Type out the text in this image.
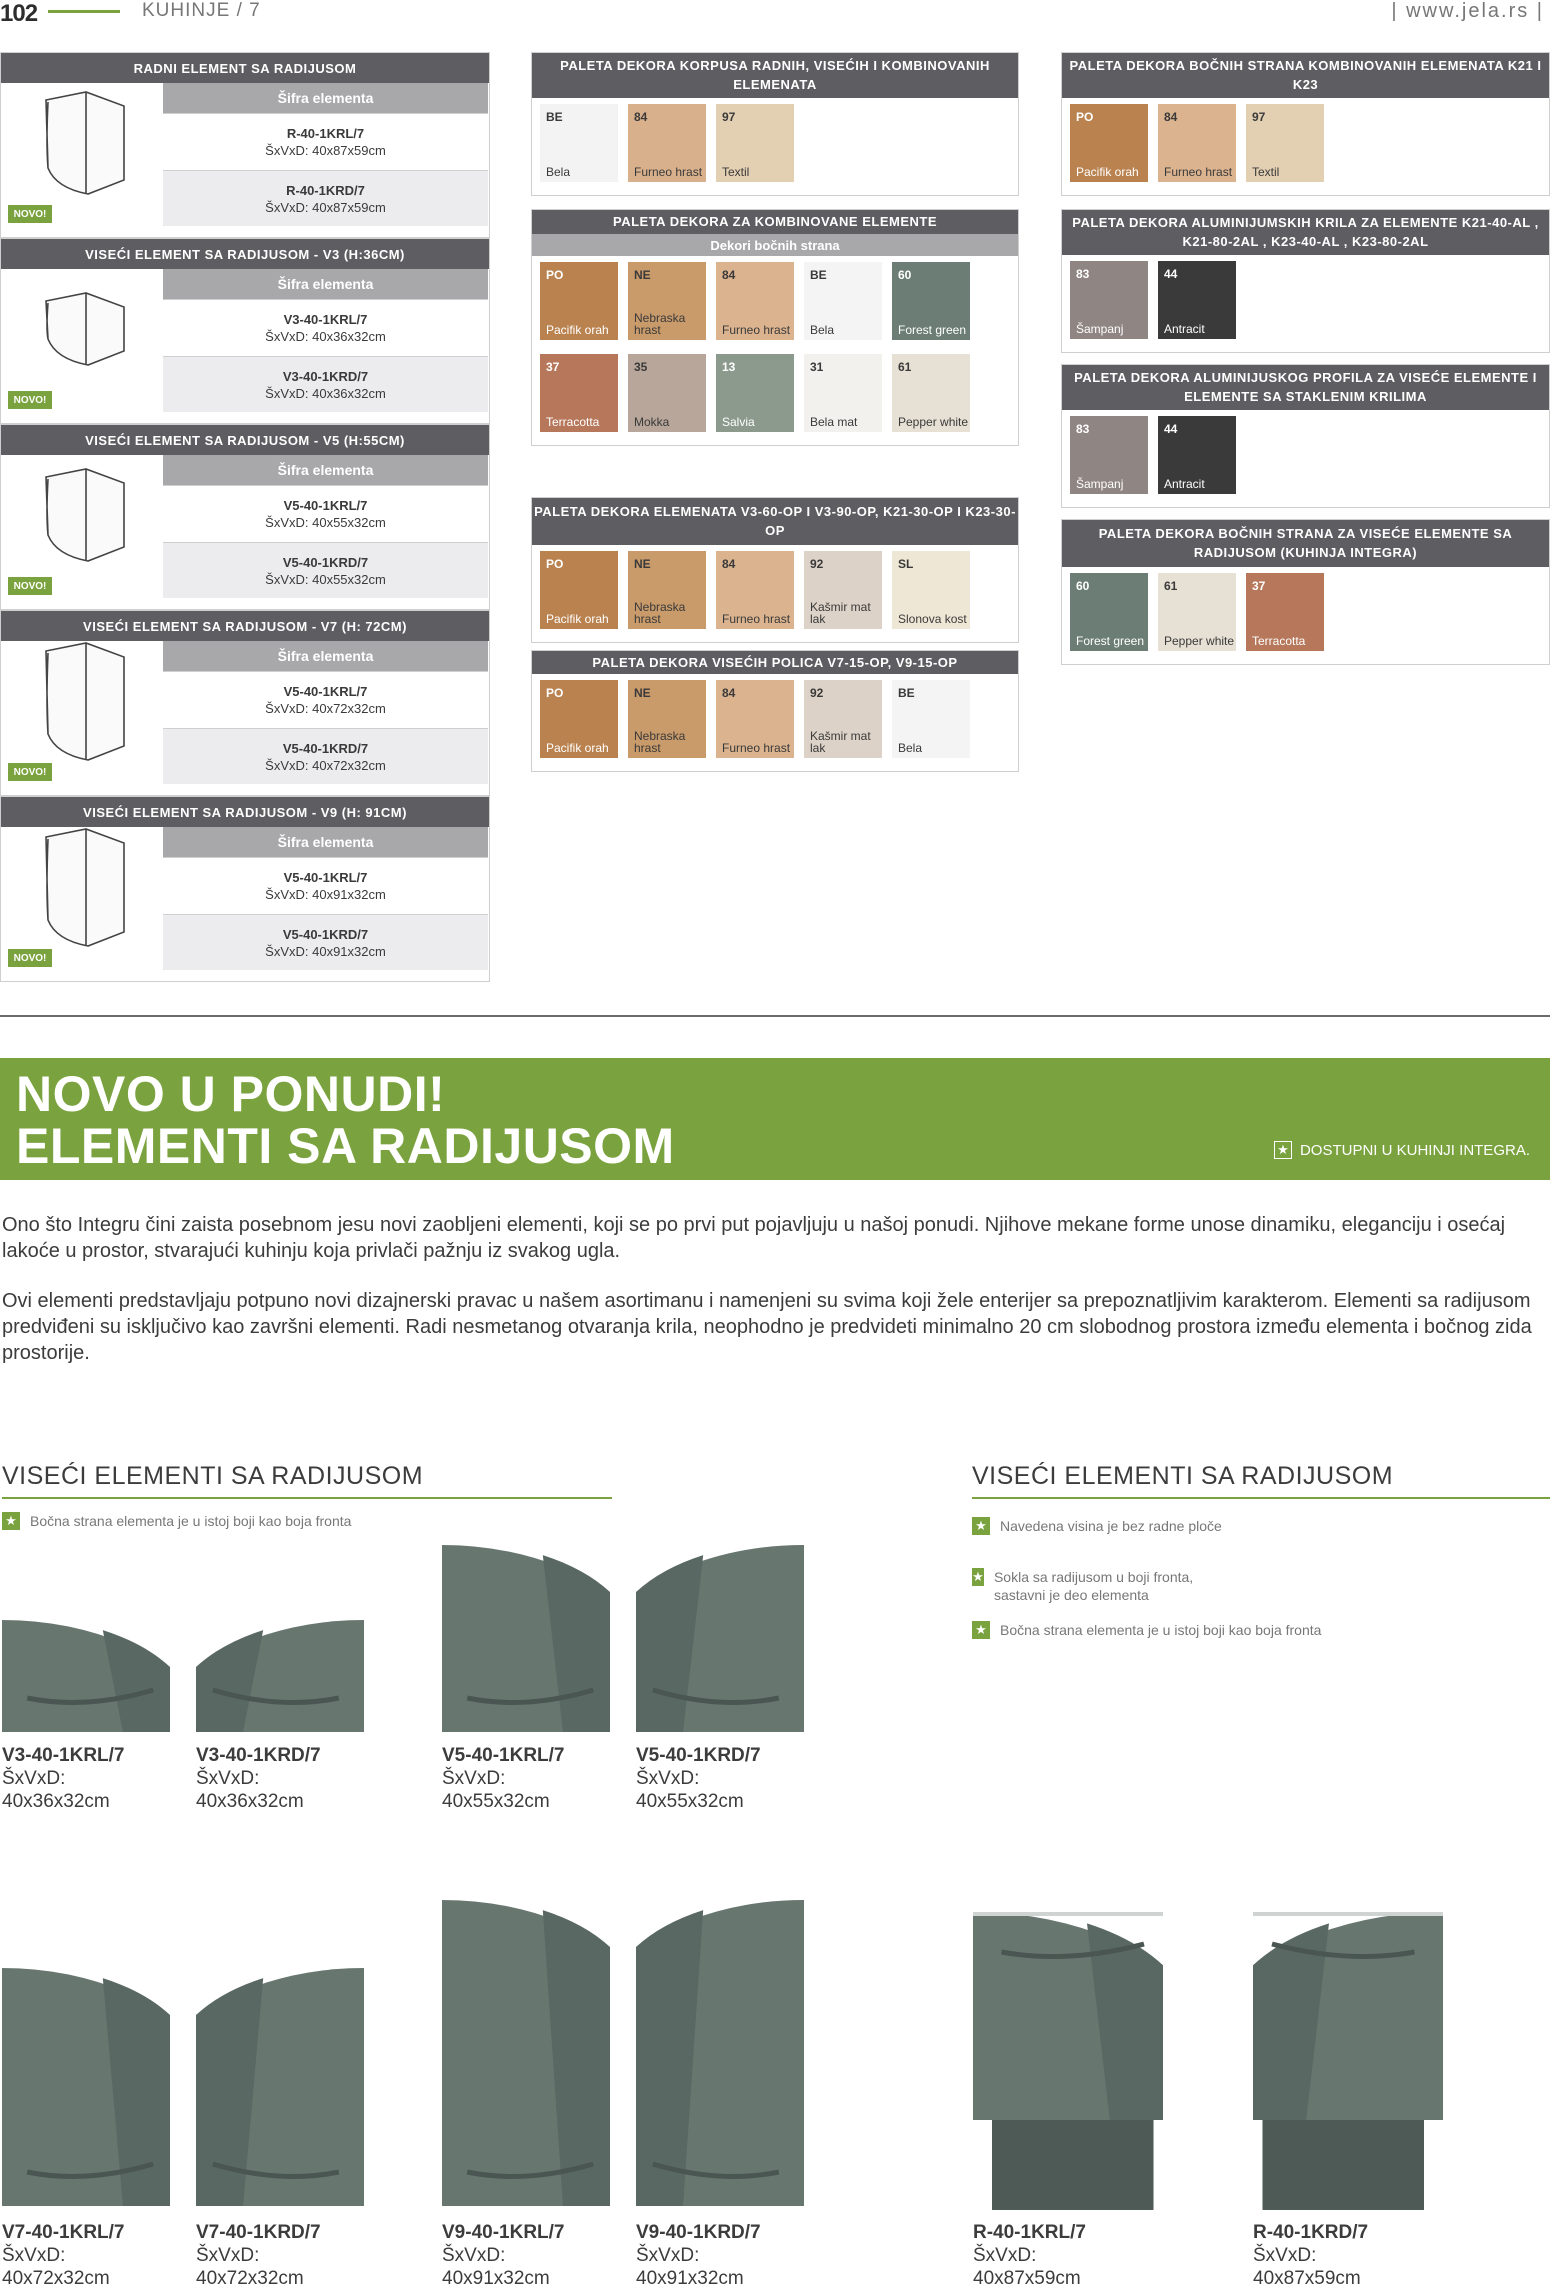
102	KUHINJE / 7	| www.jela.rs |
RADNI ELEMENT SA RADIJUSOM
Šifra elementa
R-40-1KRL/7
ŠxVxD: 40x87x59cm
R-40-1KRD/7
ŠxVxD: 40x87x59cm
NOVO!
VISEĆI ELEMENT SA RADIJUSOM - V3 (H:36CM)
Šifra elementa
V3-40-1KRL/7
ŠxVxD: 40x36x32cm
V3-40-1KRD/7
ŠxVxD: 40x36x32cm
NOVO!
VISEĆI ELEMENT SA RADIJUSOM - V5 (H:55CM)
Šifra elementa
V5-40-1KRL/7
ŠxVxD: 40x55x32cm
V5-40-1KRD/7
ŠxVxD: 40x55x32cm
NOVO!
VISEĆI ELEMENT SA RADIJUSOM - V7 (H: 72CM)
Šifra elementa
V5-40-1KRL/7
ŠxVxD: 40x72x32cm
V5-40-1KRD/7
ŠxVxD: 40x72x32cm
NOVO!
VISEĆI ELEMENT SA RADIJUSOM - V9 (H: 91CM)
Šifra elementa
V5-40-1KRL/7
ŠxVxD: 40x91x32cm
V5-40-1KRD/7
ŠxVxD: 40x91x32cm
NOVO!
PALETA DEKORA KORPUSA RADNIH, VISEĆIH I KOMBINOVANIH ELEMENATA
BE
Bela
84
Furneo hrast
97
Textil
PALETA DEKORA ZA KOMBINOVANE ELEMENTE
Dekori bočnih strana
PO
Pacifik orah
NE
Nebraska hrast
84
Furneo hrast
BE
Bela
60
Forest green
37
Terracotta
35
Mokka
13
Salvia
31
Bela mat
61
Pepper white
PALETA DEKORA ELEMENATA V3-60-OP I V3-90-OP, K21-30-OP I K23-30-OP
PO
Pacifik orah
NE
Nebraska hrast
84
Furneo hrast
92
Kašmir mat lak
SL
Slonova kost
PALETA DEKORA VISEĆIH POLICA V7-15-OP, V9-15-OP
PO
Pacifik orah
NE
Nebraska hrast
84
Furneo hrast
92
Kašmir mat lak
BE
Bela
PALETA DEKORA BOČNIH STRANA KOMBINOVANIH ELEMENATA K21 I K23
PO
Pacifik orah
84
Furneo hrast
97
Textil
PALETA DEKORA ALUMINIJUMSKIH KRILA ZA ELEMENTE K21-40-AL , K21-80-2AL , K23-40-AL , K23-80-2AL
83
Šampanj
44
Antracit
PALETA DEKORA ALUMINIJUSKOG PROFILA ZA VISEĆE ELEMENTE I ELEMENTE SA STAKLENIM KRILIMA
83
Šampanj
44
Antracit
PALETA DEKORA BOČNIH STRANA ZA VISEĆE ELEMENTE SA RADIJUSOM (KUHINJA INTEGRA)
60
Forest green
61
Pepper white
37
Terracotta
NOVO U PONUDI!
ELEMENTI SA RADIJUSOM	★ DOSTUPNI U KUHINJI INTEGRA.

Ono što Integru čini zaista posebnom jesu novi zaobljeni elementi, koji se po prvi put pojavljuju u našoj ponudi. Njihove mekane forme unose dinamiku, eleganciju i osećaj lakoće u prostor, stvarajući kuhinju koja privlači pažnju iz svakog ugla.

Ovi elementi predstavljaju potpuno novi dizajnerski pravac u našem asortimanu i namenjeni su svima koji žele enterijer sa prepoznatljivim karakterom. Elementi sa radijusom predviđeni su isključivo kao završni elementi. Radi nesmetanog otvaranja krila, neophodno je predvideti minimalno 20 cm slobodnog prostora između elementa i bočnog zida prostorije.

VISEĆI ELEMENTI SA RADIJUSOM
★ Bočna strana elementa je u istoj boji kao boja fronta
VISEĆI ELEMENTI SA RADIJUSOM
★ Navedena visina je bez radne ploče
★ Sokla sa radijusom u boji fronta, sastavni je deo elementa
★ Bočna strana elementa je u istoj boji kao boja fronta
V3-40-1KRL/7
ŠxVxD:
40x36x32cm
V3-40-1KRD/7
ŠxVxD:
40x36x32cm
V5-40-1KRL/7
ŠxVxD:
40x55x32cm
V5-40-1KRD/7
ŠxVxD:
40x55x32cm
V7-40-1KRL/7
ŠxVxD:
40x72x32cm
V7-40-1KRD/7
ŠxVxD:
40x72x32cm
V9-40-1KRL/7
ŠxVxD:
40x91x32cm
V9-40-1KRD/7
ŠxVxD:
40x91x32cm
R-40-1KRL/7
ŠxVxD:
40x87x59cm
R-40-1KRD/7
ŠxVxD:
40x87x59cm
